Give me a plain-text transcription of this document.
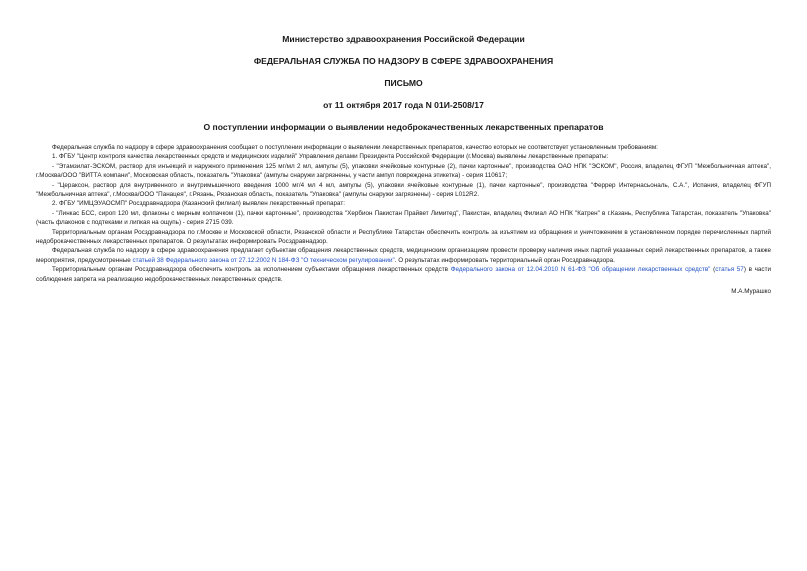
Министерство здравоохранения Российской Федерации
ФЕДЕРАЛЬНАЯ СЛУЖБА ПО НАДЗОРУ В СФЕРЕ ЗДРАВООХРАНЕНИЯ
ПИСЬМО
от 11 октября 2017 года N 01И-2508/17
О поступлении информации о выявлении недоброкачественных лекарственных препаратов

Федеральная служба по надзору в сфере здравоохранения сообщает о поступлении информации о выявлении лекарственных препаратов, качество которых не соответствует установленным требованиям:

1. ФГБУ "Центр контроля качества лекарственных средств и медицинских изделий" Управления делами Президента Российской Федерации (г.Москва) выявлены лекарственные препараты:

- "Этамзилат-ЭСКОМ, раствор для инъекций и наружного применения 125 мг/мл 2 мл, ампулы (5), упаковки ячейковые контурные (2), пачки картонные", производства ОАО НПК "ЭСКОМ", Россия, владелец ФГУП "Межбольничная аптека", г.Москва/ООО "ВИТТА компани", Московская область, показатель "Упаковка" (ампулы снаружи загрязнены, у части ампул повреждена этикетка) - серия 110617;

- "Церaксон, раствор для внутривенного и внутримышечного введения 1000 мг/4 мл 4 мл, ампулы (5), упаковки ячейковые контурные (1), пачки картонные", производства "Феррер Интернасьональ, С.А.", Испания, владелец ФГУП "Межбольничная аптека", г.Москва/ООО "Панацея", г.Рязань, Рязанская область, показатель "Упаковка" (ампулы снаружи загрязнены) - серия L012R2.

2. ФГБУ "ИМЦЭУАОСМП" Росздравнадзора (Казанский филиал) выявлен лекарственный препарат:

- "Линкас БСС, сироп 120 мл, флаконы с мерным колпачком (1), пачки картонные", производства "Хербион Пакистан Прайвет Лимитед", Пакистан, владелец Филиал АО НПК "Катрен" в г.Казань, Республика Татарстан, показатель "Упаковка" (часть флаконов с подтеками и липкая на ощупь) - серия 2715 039.

Территориальным органам Росздравнадзора по г.Москве и Московской области, Рязанской области и Республике Татарстан обеспечить контроль за изъятием из обращения и уничтожением в установленном порядке перечисленных партий недоброкачественных лекарственных препаратов. О результатах информировать Росздравнадзор.

Федеральная служба по надзору в сфере здравоохранения предлагает субъектам обращения лекарственных средств, медицинским организациям провести проверку наличия иных партий указанных серий лекарственных препаратов, а также мероприятия, предусмотренные статьей 38 Федерального закона от 27.12.2002 N 184-ФЗ "О техническом регулировании". О результатах информировать территориальный орган Росздравнадзора.

Территориальным органам Росздравнадзора обеспечить контроль за исполнением субъектами обращения лекарственных средств Федерального закона от 12.04.2010 N 61-ФЗ "Об обращении лекарственных средств" (статья 57) в части соблюдения запрета на реализацию недоброкачественных лекарственных средств.

М.А.Мурашко
